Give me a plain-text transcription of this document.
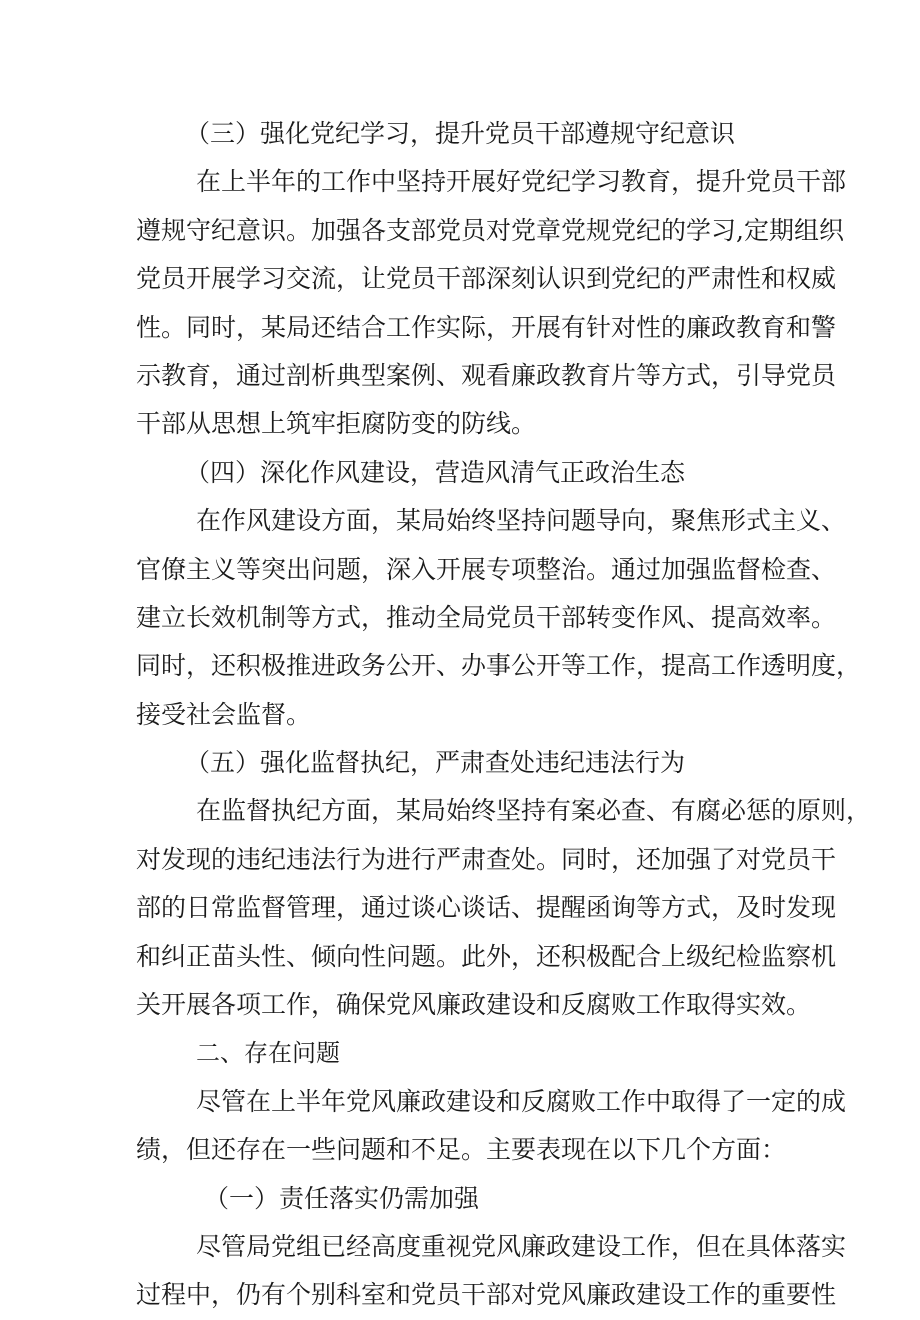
（三）强化党纪学习，提升党员干部遵规守纪意识
在上半年的工作中坚持开展好党纪学习教育，提升党员干部
遵规守纪意识。加强各支部党员对党章党规党纪的学习,定期组织
党员开展学习交流，让党员干部深刻认识到党纪的严肃性和权威
性。同时，某局还结合工作实际，开展有针对性的廉政教育和警
示教育，通过剖析典型案例、观看廉政教育片等方式，引导党员
干部从思想上筑牢拒腐防变的防线。
（四）深化作风建设，营造风清气正政治生态
在作风建设方面，某局始终坚持问题导向，聚焦形式主义、
官僚主义等突出问题，深入开展专项整治。通过加强监督检查、
建立长效机制等方式，推动全局党员干部转变作风、提高效率。
同时，还积极推进政务公开、办事公开等工作，提高工作透明度，
接受社会监督。
（五）强化监督执纪，严肃查处违纪违法行为
在监督执纪方面，某局始终坚持有案必查、有腐必惩的原则，
对发现的违纪违法行为进行严肃查处。同时，还加强了对党员干
部的日常监督管理，通过谈心谈话、提醒函询等方式，及时发现
和纠正苗头性、倾向性问题。此外，还积极配合上级纪检监察机
关开展各项工作，确保党风廉政建设和反腐败工作取得实效。
二、存在问题
尽管在上半年党风廉政建设和反腐败工作中取得了一定的成
绩，但还存在一些问题和不足。主要表现在以下几个方面：
（一）责任落实仍需加强
尽管局党组已经高度重视党风廉政建设工作，但在具体落实
过程中，仍有个别科室和党员干部对党风廉政建设工作的重要性
